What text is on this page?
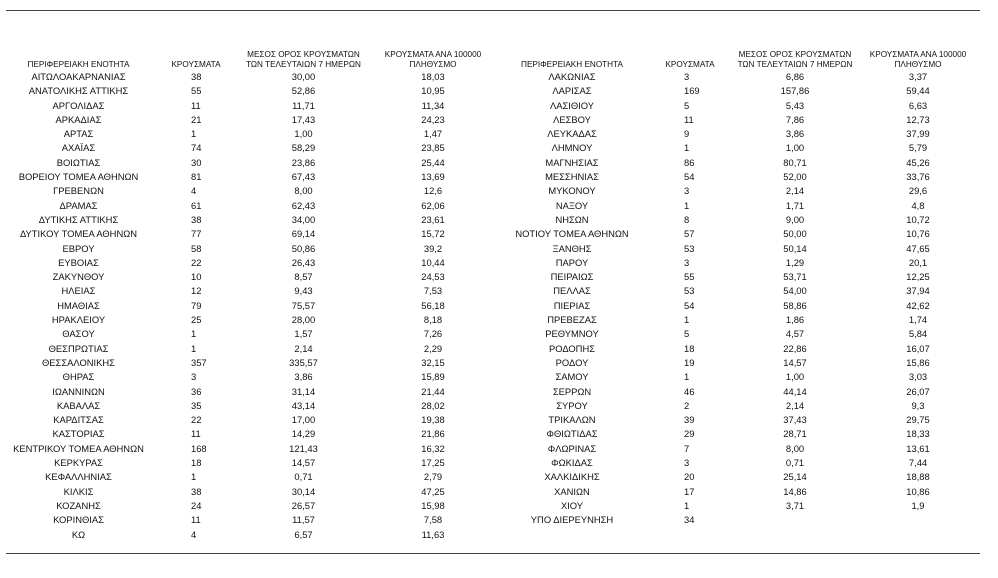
ΠΕΡΙΦΕΡΕΙΑΚΗ ΕΝΟΤΗΤΑ	ΚΡΟΥΣΜΑΤΑ	ΜΕΣΟΣ ΟΡΟΣ ΚΡΟΥΣΜΑΤΩΝ ΤΩΝ ΤΕΛΕΥΤΑΙΩΝ 7 ΗΜΕΡΩΝ	ΚΡΟΥΣΜΑΤΑ ΑΝΑ 100000 ΠΛΗΘΥΣΜΟ
ΑΙΤΩΛΟΑΚΑΡΝΑΝΙΑΣ	38	30,00	18,03
ΑΝΑΤΟΛΙΚΗΣ ΑΤΤΙΚΗΣ	55	52,86	10,95
ΑΡΓΟΛΙΔΑΣ	11	11,71	11,34
ΑΡΚΑΔΙΑΣ	21	17,43	24,23
ΑΡΤΑΣ	1	1,00	1,47
ΑΧΑΪΑΣ	74	58,29	23,85
ΒΟΙΩΤΙΑΣ	30	23,86	25,44
ΒΟΡΕΙΟΥ ΤΟΜΕΑ ΑΘΗΝΩΝ	81	67,43	13,69
ΓΡΕΒΕΝΩΝ	4	8,00	12,6
ΔΡΑΜΑΣ	61	62,43	62,06
ΔΥΤΙΚΗΣ ΑΤΤΙΚΗΣ	38	34,00	23,61
ΔΥΤΙΚΟΥ ΤΟΜΕΑ ΑΘΗΝΩΝ	77	69,14	15,72
ΕΒΡΟΥ	58	50,86	39,2
ΕΥΒΟΙΑΣ	22	26,43	10,44
ΖΑΚΥΝΘΟΥ	10	8,57	24,53
ΗΛΕΙΑΣ	12	9,43	7,53
ΗΜΑΘΙΑΣ	79	75,57	56,18
ΗΡΑΚΛΕΙΟΥ	25	28,00	8,18
ΘΑΣΟΥ	1	1,57	7,26
ΘΕΣΠΡΩΤΙΑΣ	1	2,14	2,29
ΘΕΣΣΑΛΟΝΙΚΗΣ	357	335,57	32,15
ΘΗΡΑΣ	3	3,86	15,89
ΙΩΑΝΝΙΝΩΝ	36	31,14	21,44
ΚΑΒΑΛΑΣ	35	43,14	28,02
ΚΑΡΔΙΤΣΑΣ	22	17,00	19,38
ΚΑΣΤΟΡΙΑΣ	11	14,29	21,86
ΚΕΝΤΡΙΚΟΥ ΤΟΜΕΑ ΑΘΗΝΩΝ	168	121,43	16,32
ΚΕΡΚΥΡΑΣ	18	14,57	17,25
ΚΕΦΑΛΛΗΝΙΑΣ	1	0,71	2,79
ΚΙΛΚΙΣ	38	30,14	47,25
ΚΟΖΑΝΗΣ	24	26,57	15,98
ΚΟΡΙΝΘΙΑΣ	11	11,57	7,58
ΚΩ	4	6,57	11,63
ΠΕΡΙΦΕΡΕΙΑΚΗ ΕΝΟΤΗΤΑ	ΚΡΟΥΣΜΑΤΑ	ΜΕΣΟΣ ΟΡΟΣ ΚΡΟΥΣΜΑΤΩΝ ΤΩΝ ΤΕΛΕΥΤΑΙΩΝ 7 ΗΜΕΡΩΝ	ΚΡΟΥΣΜΑΤΑ ΑΝΑ 100000 ΠΛΗΘΥΣΜΟ
ΛΑΚΩΝΙΑΣ	3	6,86	3,37
ΛΑΡΙΣΑΣ	169	157,86	59,44
ΛΑΣΙΘΙΟΥ	5	5,43	6,63
ΛΕΣΒΟΥ	11	7,86	12,73
ΛΕΥΚΑΔΑΣ	9	3,86	37,99
ΛΗΜΝΟΥ	1	1,00	5,79
ΜΑΓΝΗΣΙΑΣ	86	80,71	45,26
ΜΕΣΣΗΝΙΑΣ	54	52,00	33,76
ΜΥΚΟΝΟΥ	3	2,14	29,6
ΝΑΞΟΥ	1	1,71	4,8
ΝΗΣΩΝ	8	9,00	10,72
ΝΟΤΙΟΥ ΤΟΜΕΑ ΑΘΗΝΩΝ	57	50,00	10,76
ΞΑΝΘΗΣ	53	50,14	47,65
ΠΑΡΟΥ	3	1,29	20,1
ΠΕΙΡΑΙΩΣ	55	53,71	12,25
ΠΕΛΛΑΣ	53	54,00	37,94
ΠΙΕΡΙΑΣ	54	58,86	42,62
ΠΡΕΒΕΖΑΣ	1	1,86	1,74
ΡΕΘΥΜΝΟΥ	5	4,57	5,84
ΡΟΔΟΠΗΣ	18	22,86	16,07
ΡΟΔΟΥ	19	14,57	15,86
ΣΑΜΟΥ	1	1,00	3,03
ΣΕΡΡΩΝ	46	44,14	26,07
ΣΥΡΟΥ	2	2,14	9,3
ΤΡΙΚΑΛΩΝ	39	37,43	29,75
ΦΘΙΩΤΙΔΑΣ	29	28,71	18,33
ΦΛΩΡΙΝΑΣ	7	8,00	13,61
ΦΩΚΙΔΑΣ	3	0,71	7,44
ΧΑΛΚΙΔΙΚΗΣ	20	25,14	18,88
ΧΑΝΙΩΝ	17	14,86	10,86
ΧΙΟΥ	1	3,71	1,9
ΥΠΟ ΔΙΕΡΕΥΝΗΣΗ	34		
